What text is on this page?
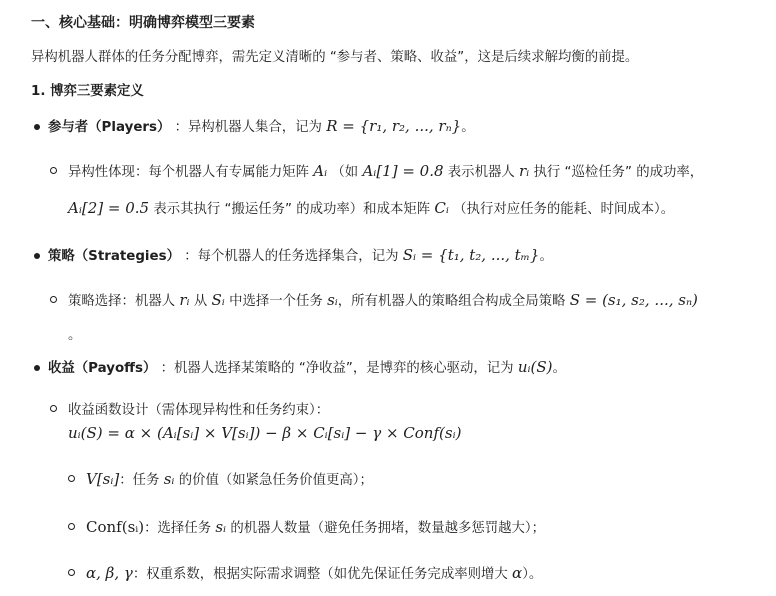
一、核心基础：明确博弈模型三要素
异构机器人群体的任务分配博弈，需先定义清晰的 “参与者、策略、收益”，这是后续求解均衡的前提。
1. 博弈三要素定义
参与者（Players） ：异构机器人集合，记为 R = {r₁, r₂, ..., rₙ}。
异构性体现：每个机器人有专属能力矩阵 Aᵢ （如 Aᵢ[1] = 0.8 表示机器人 rᵢ 执行 “巡检任务” 的成功率，
Aᵢ[2] = 0.5 表示其执行 “搬运任务” 的成功率）和成本矩阵 Cᵢ （执行对应任务的能耗、时间成本）。
策略（Strategies） ：每个机器人的任务选择集合，记为 Sᵢ = {t₁, t₂, ..., tₘ}。
策略选择：机器人 rᵢ 从 Sᵢ 中选择一个任务 sᵢ，所有机器人的策略组合构成全局策略 S = (s₁, s₂, ..., sₙ)
。
收益（Payoffs） ：机器人选择某策略的 “净收益”，是博弈的核心驱动，记为 uᵢ(S)。
收益函数设计（需体现异构性和任务约束）：
uᵢ(S) = α × (Aᵢ[sᵢ] × V[sᵢ]) − β × Cᵢ[sᵢ] − γ × Conf(sᵢ)
V[sᵢ]：任务 sᵢ 的价值（如紧急任务价值更高）；
Conf(sᵢ)：选择任务 sᵢ 的机器人数量（避免任务拥堵，数量越多惩罚越大）；
α, β, γ：权重系数，根据实际需求调整（如优先保证任务完成率则增大 α）。
